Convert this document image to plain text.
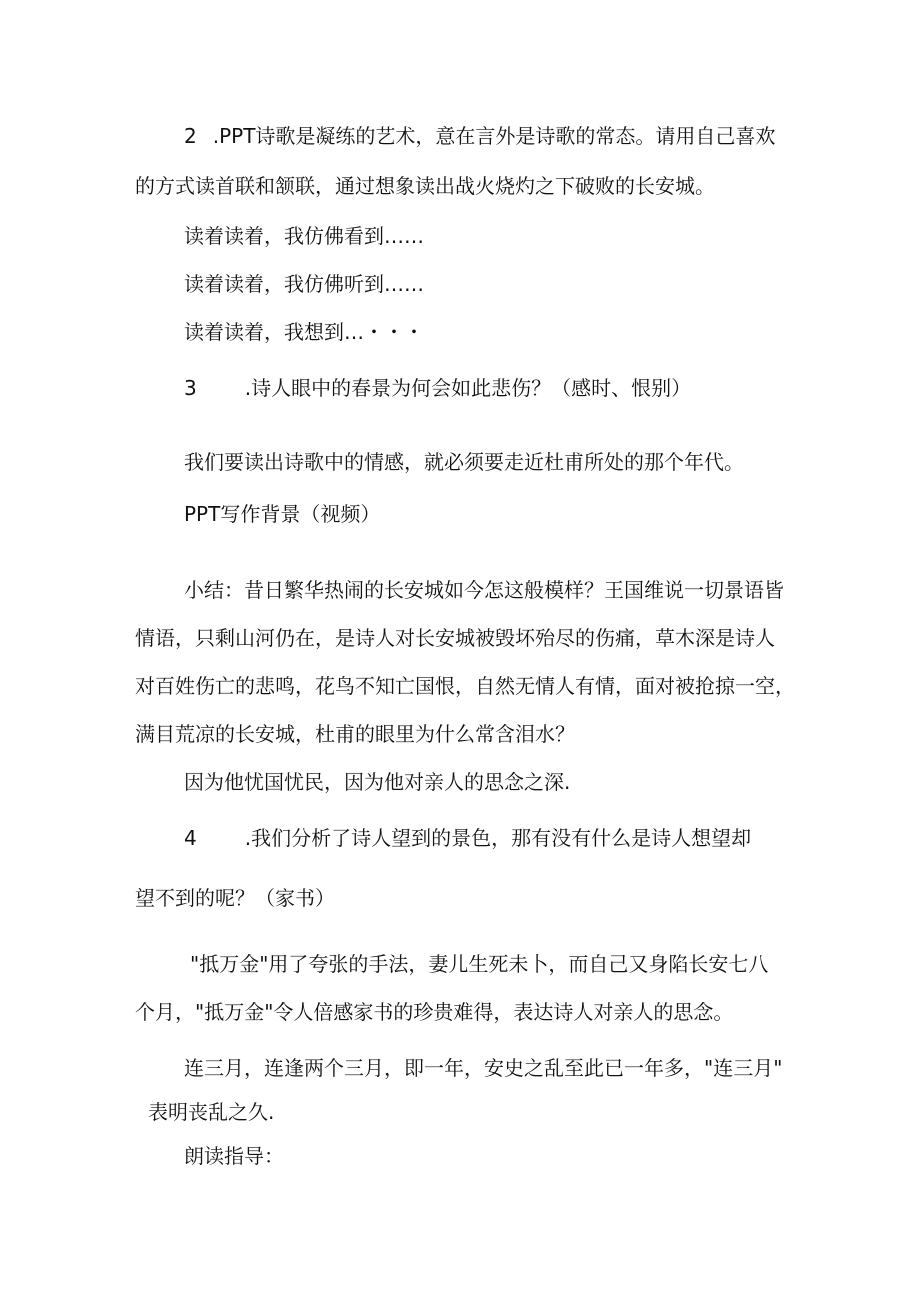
2 .PPT诗歌是凝练的艺术，意在言外是诗歌的常态。请用自己喜欢
的方式读首联和颔联，通过想象读出战火烧灼之下破败的长安城。
读着读着，我仿佛看到……
读着读着，我仿佛听到……
读着读着，我想到…・・・
3 .诗人眼中的春景为何会如此悲伤？（感时、恨别）
我们要读出诗歌中的情感，就必须要走近杜甫所处的那个年代。
PPT写作背景（视频）
小结：昔日繁华热闹的长安城如今怎这般模样？王国维说一切景语皆
情语，只剩山河仍在，是诗人对长安城被毁坏殆尽的伤痛，草木深是诗人
对百姓伤亡的悲鸣，花鸟不知亡国恨，自然无情人有情，面对被抢掠一空，
满目荒凉的长安城，杜甫的眼里为什么常含泪水？
因为他忧国忧民，因为他对亲人的思念之深.
4 .我们分析了诗人望到的景色，那有没有什么是诗人想望却
望不到的呢？（家书）
"抵万金"用了夸张的手法，妻儿生死未卜，而自己又身陷长安七八
个月，"抵万金"令人倍感家书的珍贵难得，表达诗人对亲人的思念。
连三月，连逢两个三月，即一年，安史之乱至此已一年多，"连三月"
表明丧乱之久.
朗读指导：
